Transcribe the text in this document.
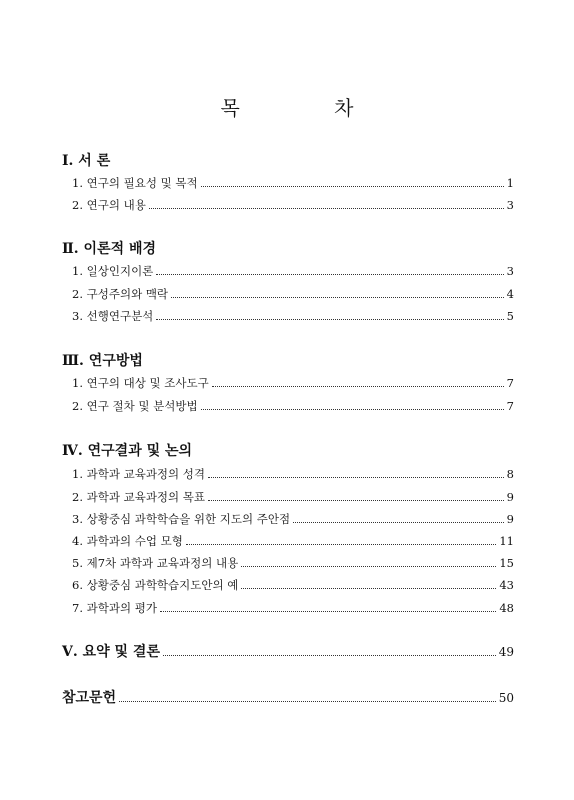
목 차
Ⅰ. 서 론
1. 연구의 필요성 및 목적	1
2. 연구의 내용	3
Ⅱ. 이론적 배경
1. 일상인지이론	3
2. 구성주의와 맥락	4
3. 선행연구분석	5
Ⅲ. 연구방법
1. 연구의 대상 및 조사도구	7
2. 연구 절차 및 분석방법	7
Ⅳ. 연구결과 및 논의
1. 과학과 교육과정의 성격	8
2. 과학과 교육과정의 목표	9
3. 상황중심 과학학습을 위한 지도의 주안점	9
4. 과학과의 수업 모형	11
5. 제7차 과학과 교육과정의 내용	15
6. 상황중심 과학학습지도안의 예	43
7. 과학과의 평가	48
Ⅴ. 요약 및 결론	49
참고문헌	50
